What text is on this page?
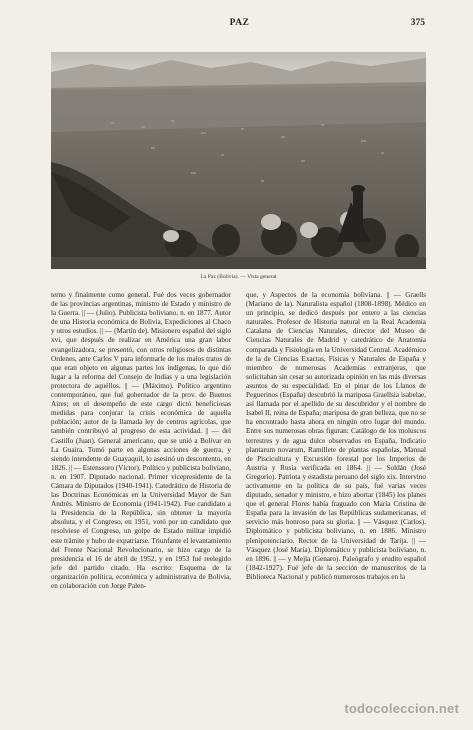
PAZ	375
La Paz (Bolivia). — Vista general
terno y finalmente como general. Fué dos veces gobernador de las provincias argentinas, ministro de Estado y ministro de la Guerra. || — (Julio). Publicista boliviano, n. en 1877. Autor de una Historia económica de Bolivia, Expediciones al Chaco y otros estudios. || — (Martín de). Misionero español del siglo xvi, que después de realizar en América una gran labor evangelizadora, se presentó, con otros religiosos de distintas Ordenes, ante Carlos V para informarle de los malos tratos de que eran objeto en algunas partes los indígenas, lo que dió lugar a la reforma del Consejo de Indias y a una legislación protectora de aquéllos. || — (Máximo). Político argentino contemporáneo, que fué gobernador de la prov. de Buenos Aires; en el desempeño de este cargo dictó beneficiosas medidas para conjurar la crisis económica de aquella población; autor de la llamada ley de centros agrícolas, que también contribuyó al progreso de esta actividad. || — del Castillo (Juan). General americano, que se unió a Bolívar en La Guaira. Tomó parte en algunas acciones de guerra, y siendo intendente de Guayaquil, lo asesinó un descontento, en 1826. || — Estenssoro (Víctor). Político y publicista boliviano, n. en 1907. Diputado nacional. Primer vicepresidente de la Cámara de Diputados (1940-1941). Catedrático de Historia de las Doctrinas Económicas en la Universidad Mayor de San Andrés. Ministro de Economía (1941-1942). Fue candidato a la Presidencia de la República, sin obtener la mayoría absoluta, y el Congreso, en 1951, votó por un candidato que resolviese el Congreso, un golpe de Estado militar impidió este trámite y hubo de expatriarse. Triunfante el levantamiento del Frente Nacional Revolucionario, se hizo cargo de la presidencia el 16 de abril de 1952, y en 1953 fué reelegido jefe del partido citado. Ha escrito: Esquema de la organización política, económica y administrativa de Bolivia, en colaboración con Jorge Palen-
que, y Aspectos de la economía boliviana. || — Graells (Mariano de la). Naturalista español (1808-1898). Médico en un principio, se dedicó después por entero a las ciencias naturales. Profesor de Historia natural en la Real Academia Catalana de Ciencias Naturales, director del Museo de Ciencias Naturales de Madrid y catedrático de Anatomía comparada y Fisiología en la Universidad Central. Académico de la de Ciencias Exactas, Físicas y Naturales de España y miembro de numerosas Academias extranjeras, que solicitaban sin cesar su autorizada opinión en las más diversas asuntos de su especialidad. En el pinar de los Llanos de Peguerinos (España) descubrió la mariposa Graellsia isabelae, así llamada por el apellido de su descubridor y el nombre de Isabel II, reina de España; mariposa de gran belleza, que no se ha encontrado hasta ahora en ningún otro lugar del mundo. Entre sus numerosas obras figuran: Catálogo de los moluscos terrestres y de agua dulce observados en España, Indicatio plantarum novarum, Ramillete de plantas españolas, Manual de Piscicultura y Excursión forestal por los Imperios de Austria y Rusia verificada en 1864. || — Soldán (José Gregorio). Patriota y estadista peruano del siglo xix. Intervino activamente en la política de su país, fué varias veces diputado, senador y ministro, e hizo abortar (1845) los planes que el general Flores había fraguado con María Cristina de España para la invasión de las Repúblicas sudamericanas, el servicio más honroso para su gloria. || — Vásquez (Carlos). Diplomático y publicista boliviano, n. en 1886. Ministro plenipotenciario. Rector de la Universidad de Tarija. || — Vásquez (José María). Diplomático y publicista boliviano, n. en 1896. || — y Mejía (Genaro). Paleógrafo y erudito español (1842-1927). Fué jefe de la sección de manuscritos de la Biblioteca Nacional y publicó numerosos trabajos en la
todocoleccion.net
